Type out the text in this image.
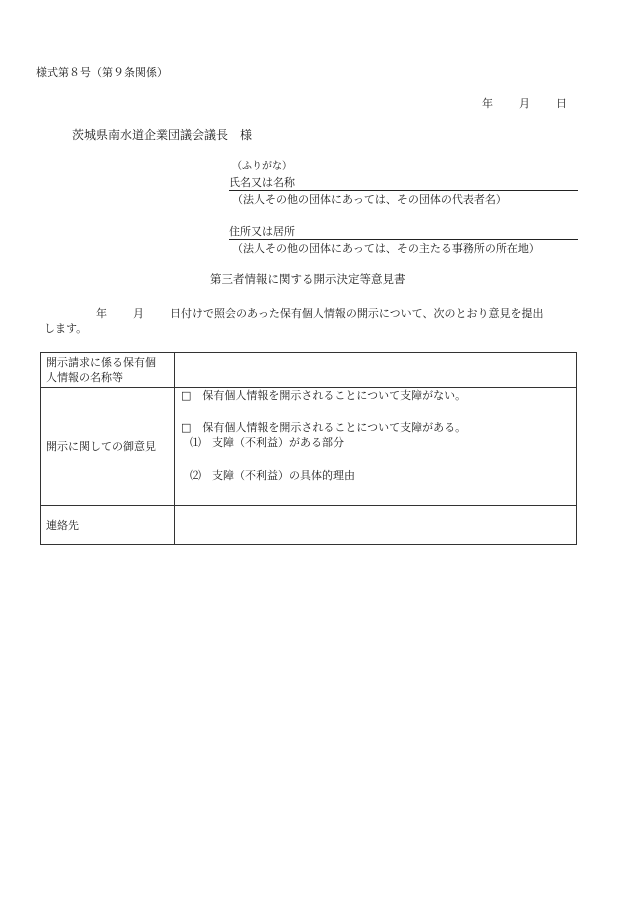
様式第８号（第９条関係）
年 月 日
茨城県南水道企業団議会議長　様
（ふりがな）
氏名又は名称
（法人その他の団体にあっては、その団体の代表者名）
住所又は居所
（法人その他の団体にあっては、その主たる事務所の所在地）
第三者情報に関する開示決定等意見書
年 月 日付けで照会のあった保有個人情報の開示について、次のとおり意見を提出
します。
開示請求に係る保有個
人情報の名称等	

開示に関しての御意見	□　保有個人情報を開示されることについて支障がない。
□　保有個人情報を開示されることについて支障がある。
⑴　支障（不利益）がある部分
⑵　支障（不利益）の具体的理由

連絡先	
